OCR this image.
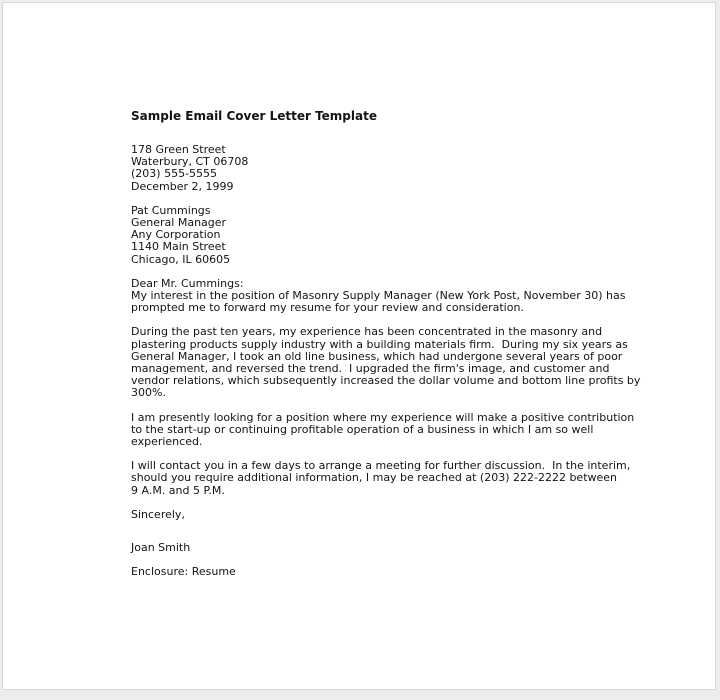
Sample Email Cover Letter Template
178 Green Street
Waterbury, CT 06708
(203) 555-5555
December 2, 1999
Pat Cummings
General Manager
Any Corporation
1140 Main Street
Chicago, IL 60605
Dear Mr. Cummings:
My interest in the position of Masonry Supply Manager (New York Post, November 30) has
prompted me to forward my resume for your review and consideration.
During the past ten years, my experience has been concentrated in the masonry and
plastering products supply industry with a building materials firm.  During my six years as
General Manager, I took an old line business, which had undergone several years of poor
management, and reversed the trend.  I upgraded the firm's image, and customer and
vendor relations, which subsequently increased the dollar volume and bottom line profits by
300%.
I am presently looking for a position where my experience will make a positive contribution
to the start-up or continuing profitable operation of a business in which I am so well
experienced.
I will contact you in a few days to arrange a meeting for further discussion.  In the interim,
should you require additional information, I may be reached at (203) 222-2222 between
9 A.M. and 5 P.M.
Sincerely,
Joan Smith
Enclosure: Resume
